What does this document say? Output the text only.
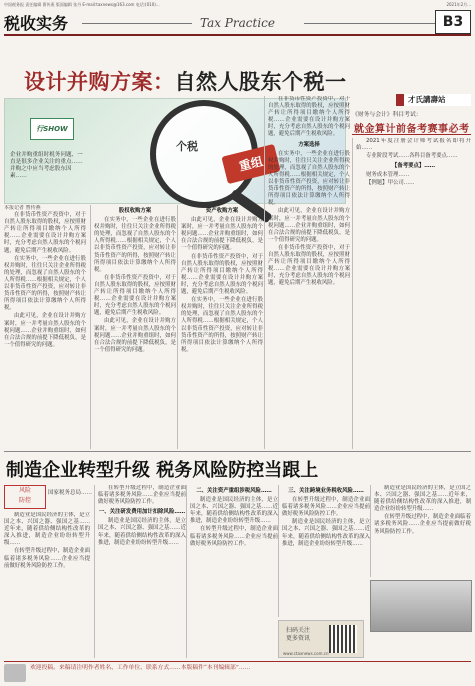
中国税务报 责任编辑 曹传燕 版面编辑 张丹 E-mail:taxnews@163.com 电话:(010)...	2021年2月...
税收实务	Tax Practice	B3
设计并购方案：自然人股东个税一
行SHOW
企业并购重组时税务问题、一直是很多企业关注的重点……并购之中应当考虑股东因素……
个税
重组
本报记者 曹传燕

在非货币性资产投资中，对于自然人股东取得的股权，应按照财产转让所得项目缴纳个人所得税……企业需要在设计并购方案时，充分考虑自然人股东的个税问题，避免后期产生税收风险。

在实务中，一些企业在进行股权并购时，往往只关注企业所得税的处理，而忽视了自然人股东的个人所得税……根据相关规定，个人以非货币性资产投资，应对转让非货币性资产的所得，按照财产转让所得项目依法计算缴纳个人所得税。

由此可见，企业在设计并购方案时，应一并考量自然人股东的个税问题……企业并购重组时，如何在合法合规的前提下降低税负，是一个值得研究的问题。

股权收购方案

在实务中，一些企业在进行股权并购时，往往只关注企业所得税的处理，而忽视了自然人股东的个人所得税……根据相关规定，个人以非货币性资产投资，应对转让非货币性资产的所得，按照财产转让所得项目依法计算缴纳个人所得税。

在非货币性资产投资中，对于自然人股东取得的股权，应按照财产转让所得项目缴纳个人所得税……企业需要在设计并购方案时，充分考虑自然人股东的个税问题，避免后期产生税收风险。

由此可见，企业在设计并购方案时，应一并考量自然人股东的个税问题……企业并购重组时，如何在合法合规的前提下降低税负，是一个值得研究的问题。

资产收购方案

由此可见，企业在设计并购方案时，应一并考量自然人股东的个税问题……企业并购重组时，如何在合法合规的前提下降低税负，是一个值得研究的问题。

在非货币性资产投资中，对于自然人股东取得的股权，应按照财产转让所得项目缴纳个人所得税……企业需要在设计并购方案时，充分考虑自然人股东的个税问题，避免后期产生税收风险。

在实务中，一些企业在进行股权并购时，往往只关注企业所得税的处理，而忽视了自然人股东的个人所得税……根据相关规定，个人以非货币性资产投资，应对转让非货币性资产的所得，按照财产转让所得项目依法计算缴纳个人所得税。

在非货币性资产投资中，对于自然人股东取得的股权，应按照财产转让所得项目缴纳个人所得税……企业需要在设计并购方案时，充分考虑自然人股东的个税问题，避免后期产生税收风险。

方案选择

在实务中，一些企业在进行股权并购时，往往只关注企业所得税的处理，而忽视了自然人股东的个人所得税……根据相关规定，个人以非货币性资产投资，应对转让非货币性资产的所得，按照财产转让所得项目依法计算缴纳个人所得税。

由此可见，企业在设计并购方案时，应一并考量自然人股东的个税问题……企业并购重组时，如何在合法合规的前提下降低税负，是一个值得研究的问题。

在非货币性资产投资中，对于自然人股东取得的股权，应按照财产转让所得项目缴纳个人所得税……企业需要在设计并购方案时，充分考虑自然人股东的个税问题，避免后期产生税收风险。

才氏講壽站
《财务与会计》科目考试：
就金算计前备考赛事必考

2021年度注册会计师考试报名即将开始……

专业阶段考试……各科目备考要点……

【备考要点】……

财务成本管理……

【例题】甲公司……

制造企业转型升级 税务风险防控当跟上
风险
防控
国家税务总局……

制造业是国民经济的主体，是立国之本、兴国之器、强国之基……近年来，随着供给侧结构性改革的深入推进，制造企业纷纷转型升级……

在转型升级过程中，制造企业面临着诸多税务风险……企业应当提前做好税务风险防控工作。

在转型升级过程中，制造企业面临着诸多税务风险……企业应当提前做好税务风险防控工作。

一、关注研发费用加计扣除风险……

制造业是国民经济的主体，是立国之本、兴国之器、强国之基……近年来，随着供给侧结构性改革的深入推进，制造企业纷纷转型升级……

二、关注资产重组涉税风险……

制造业是国民经济的主体，是立国之本、兴国之器、强国之基……近年来，随着供给侧结构性改革的深入推进，制造企业纷纷转型升级……

在转型升级过程中，制造企业面临着诸多税务风险……企业应当提前做好税务风险防控工作。

三、关注跨境业务税收风险……

在转型升级过程中，制造企业面临着诸多税务风险……企业应当提前做好税务风险防控工作。

制造业是国民经济的主体，是立国之本、兴国之器、强国之基……近年来，随着供给侧结构性改革的深入推进，制造企业纷纷转型升级……

制造业是国民经济的主体，是立国之本、兴国之器、强国之基……近年来，随着供给侧结构性改革的深入推进，制造企业纷纷转型升级……

在转型升级过程中，制造企业面临着诸多税务风险……企业应当提前做好税务风险防控工作。

扫码关注 更多资讯
www.ctaxnews.com.cn
欢迎投稿。来稿请注明作者姓名、工作单位、联系方式……本版稿件“本刊编辑部”……
